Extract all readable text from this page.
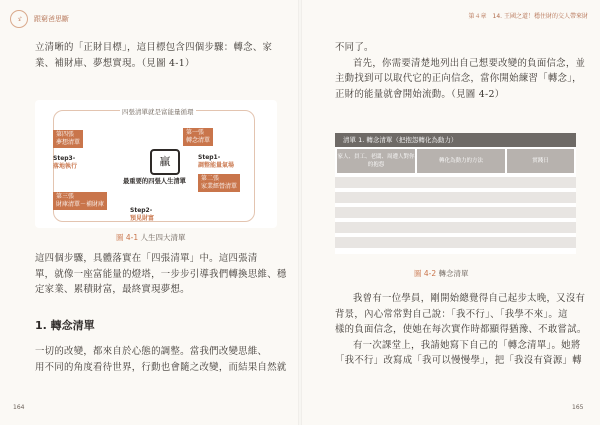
ゞ	跟窮爸思斷
立清晰的「正財目標」，這目標包含四個步驟：轉念、家
業、補財庫、夢想實現。（見圖 4-1）
四張清單就是富能量循環
贏
最重要的四張人生清單
第一張
轉念清單
Step1-
調整能量氣場
第二張
家業經營清單
Step2-
預見財富
第三張
財庫清單－補財庫
第四張
夢想清單
Step3-
落地執行
圖 4-1 人生四大清單
這四個步驟，具體落實在「四張清單」中。這四張清
單，就像一座富能量的燈塔，一步步引導我們轉換思維、穩
定家業、累積財富，最終實現夢想。
1. 轉念清單
一切的改變，都來自於心態的調整。當我們改變思維、
用不同的角度看待世界，行動也會隨之改變，而結果自然就
164
第４章　14. 王國之道！穩住財的交人帶來財
不同了。
首先，你需要清楚地列出自己想要改變的負面信念，並
主動找到可以取代它的正向信念，當你開始練習「轉念」，
正財的能量就會開始流動。（見圖 4-2）
清單 1. 轉念清單（把抱怨轉化為動力）
家人、員工、老闆、周遭人對你的抱怨
轉化為動力的方法	實踐日
圖 4-2 轉念清單
我曾有一位學員，剛開始總覺得自己起步太晚，又沒有
背景，內心常常對自己說：「我不行」、「我學不來」。這
樣的負面信念，使她在每次實作時都顯得猶豫、不敢嘗試。
有一次課堂上，我請她寫下自己的「轉念清單」。她將
「我不行」改寫成「我可以慢慢學」，把「我沒有資源」轉
165
